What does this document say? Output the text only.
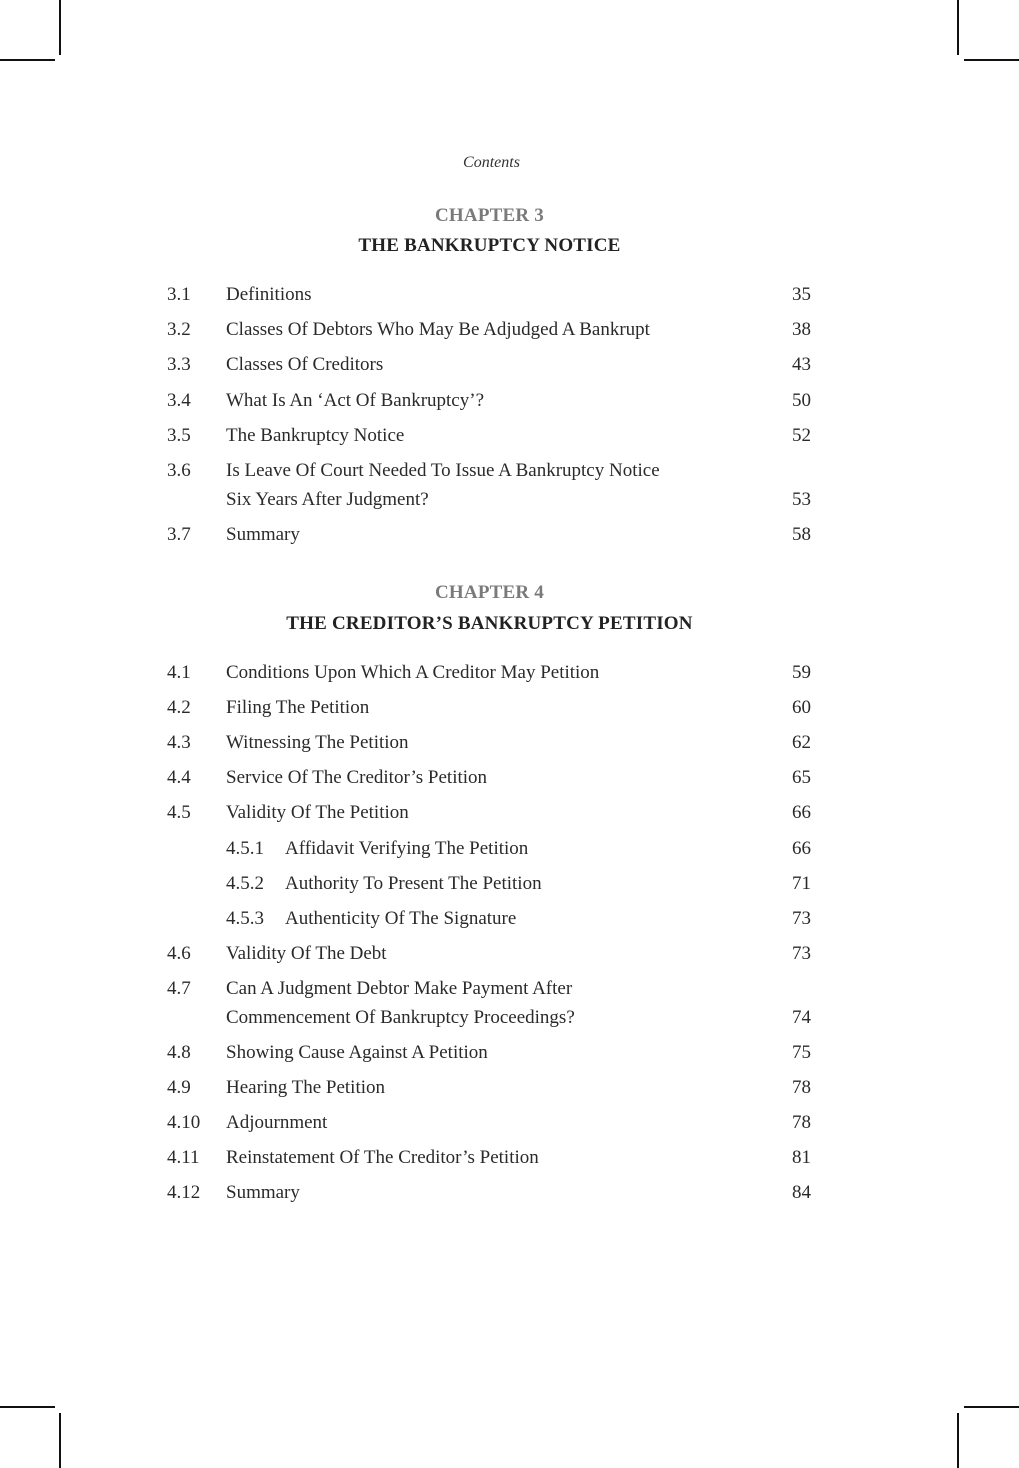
Contents
CHAPTER 3
THE BANKRUPTCY NOTICE
3.1 Definitions	35
3.2 Classes Of Debtors Who May Be Adjudged A Bankrupt	38
3.3 Classes Of Creditors	43
3.4 What Is An ‘Act Of Bankruptcy’?	50
3.5 The Bankruptcy Notice	52
3.6 Is Leave Of Court Needed To Issue A Bankruptcy Notice
Six Years After Judgment?	53
3.7 Summary	58
CHAPTER 4
THE CREDITOR’S BANKRUPTCY PETITION
4.1 Conditions Upon Which A Creditor May Petition	59
4.2 Filing The Petition	60
4.3 Witnessing The Petition	62
4.4 Service Of The Creditor’s Petition	65
4.5 Validity Of The Petition	66
4.5.1 Affidavit Verifying The Petition	66
4.5.2 Authority To Present The Petition	71
4.5.3 Authenticity Of The Signature	73
4.6 Validity Of The Debt	73
4.7 Can A Judgment Debtor Make Payment After
Commencement Of Bankruptcy Proceedings?	74
4.8 Showing Cause Against A Petition	75
4.9 Hearing The Petition	78
4.10 Adjournment	78
4.11 Reinstatement Of The Creditor’s Petition	81
4.12 Summary	84
